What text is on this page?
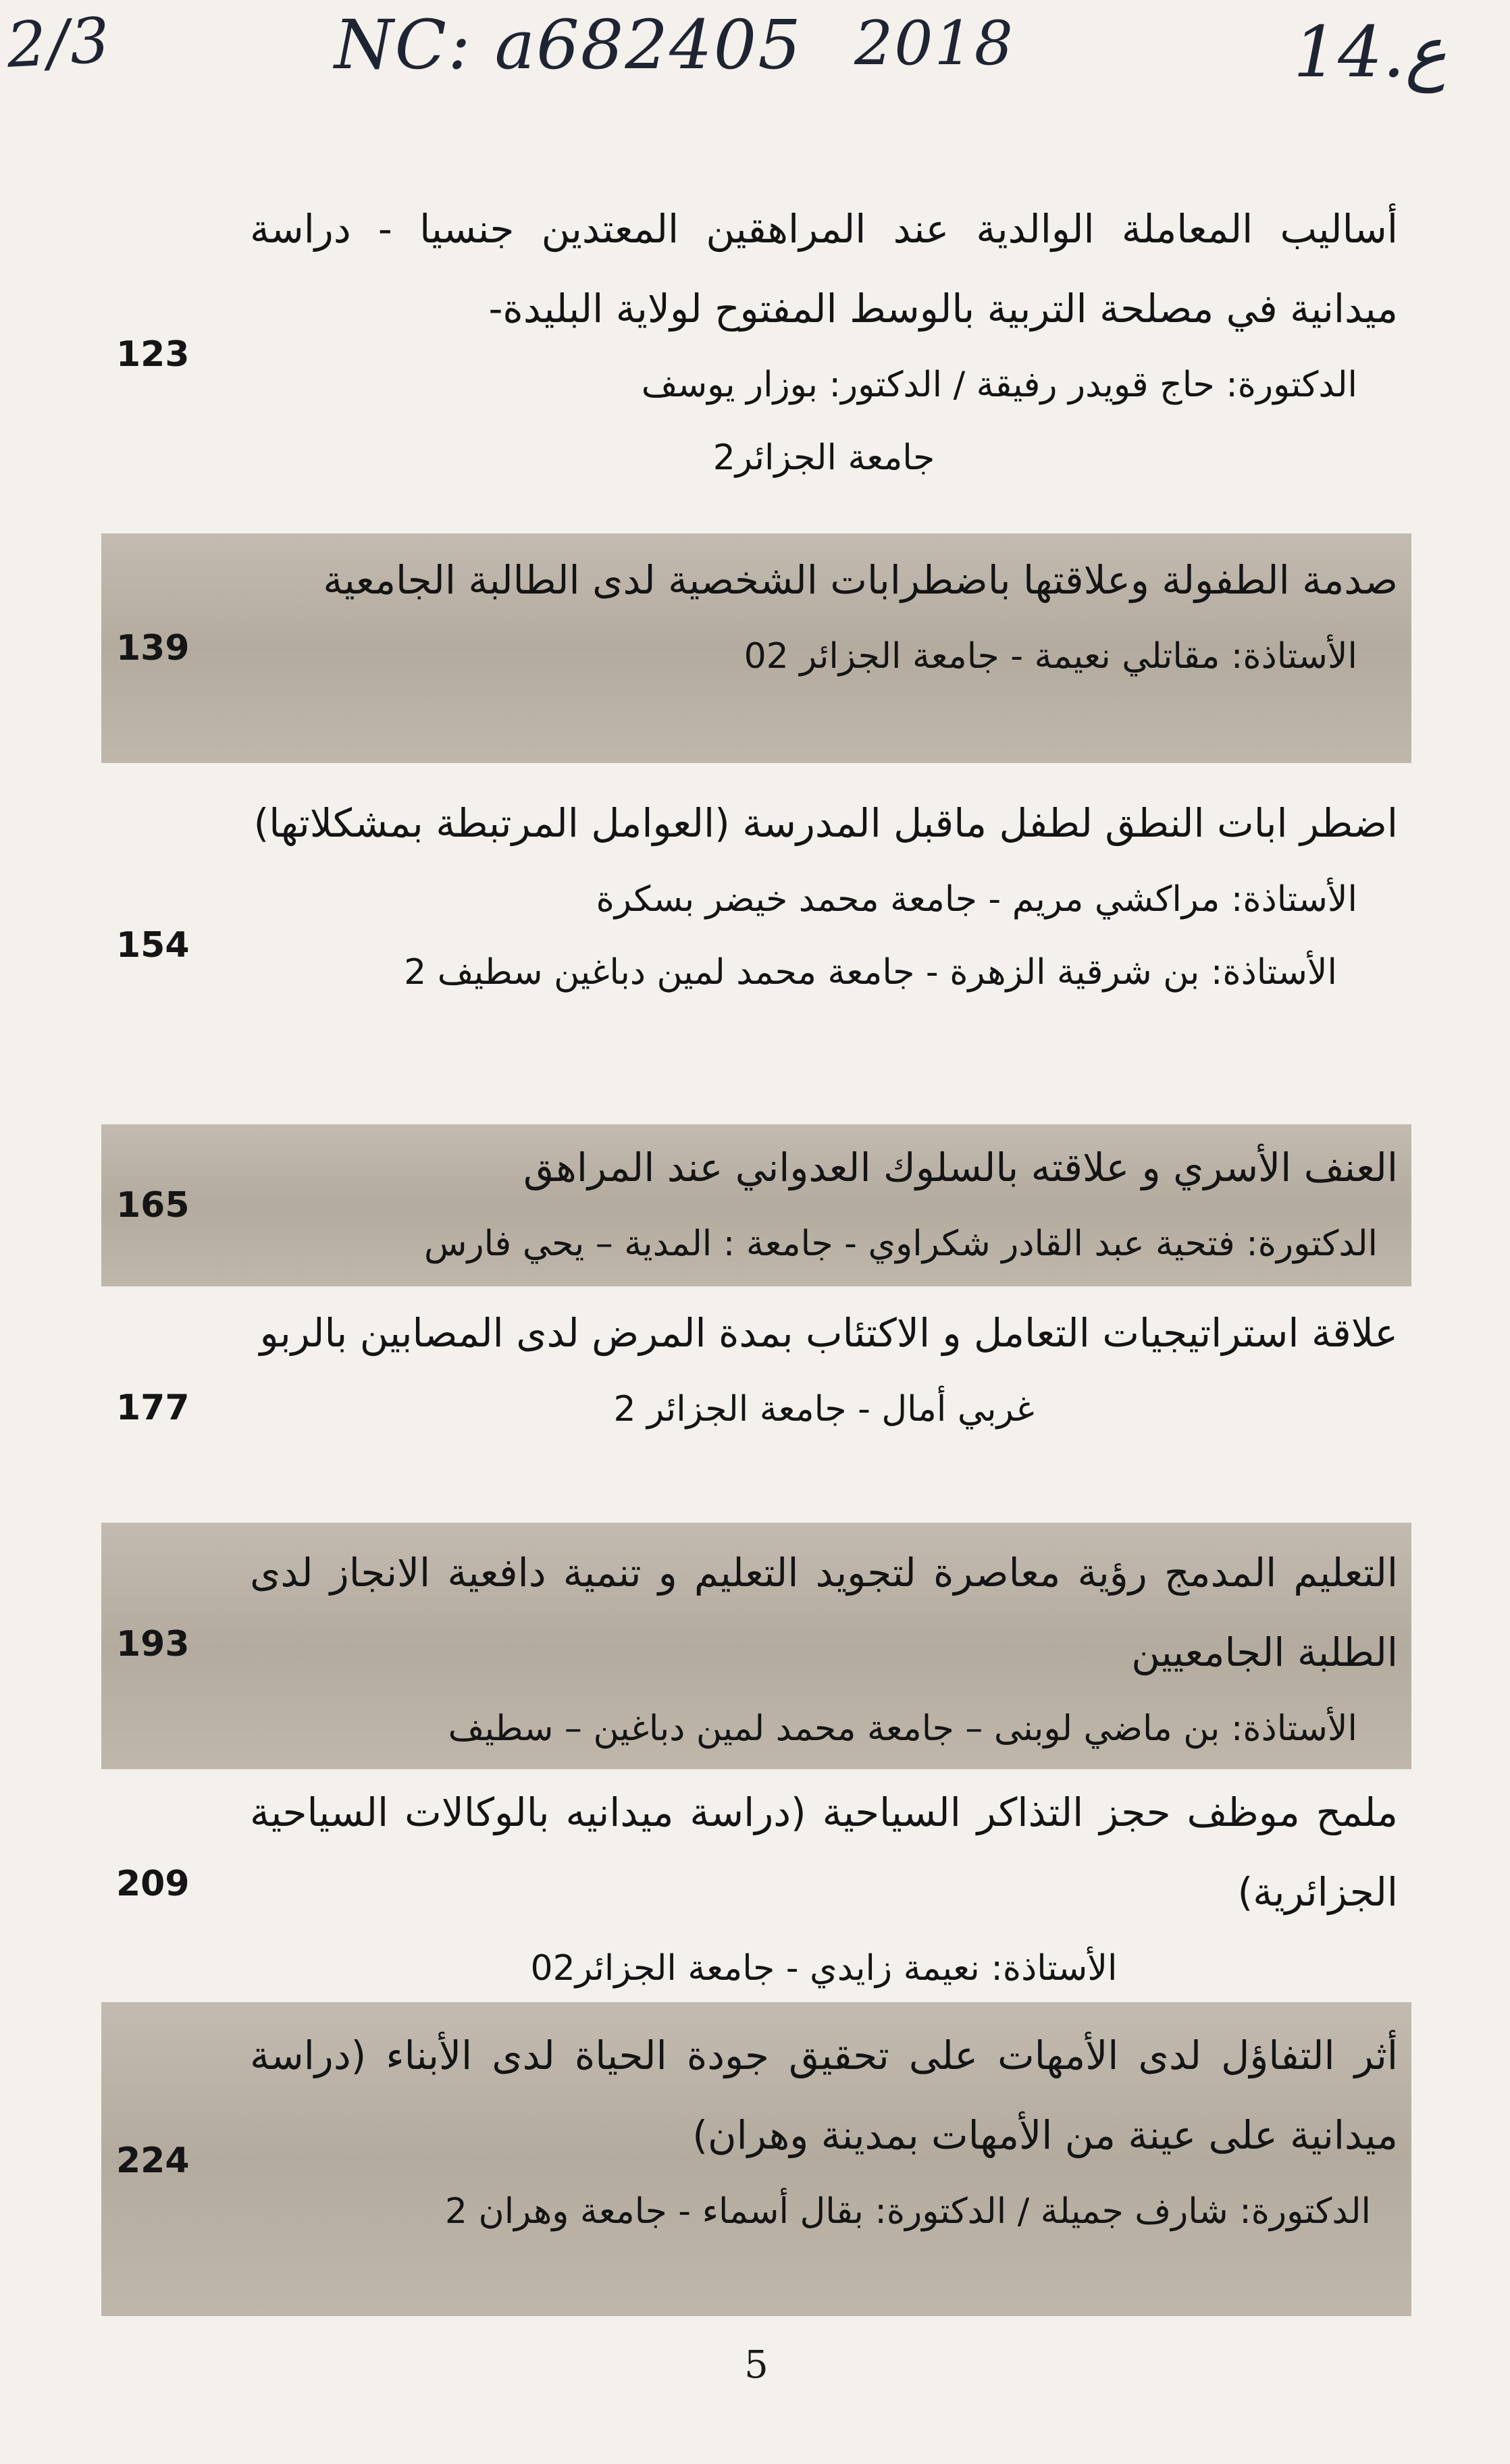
2/3	NC: a682405 2018	14.ع

أساليب المعاملة الوالدية عند المراهقين المعتدين جنسيا - دراسة ميدانية في مصلحة التربية بالوسط المفتوح لولاية البليدة-

الدكتورة: حاج قويدر رفيقة / الدكتور: بوزار يوسف

جامعة الجزائر2

123

صدمة الطفولة وعلاقتها باضطرابات الشخصية لدى الطالبة الجامعية

الأستاذة: مقاتلي نعيمة - جامعة الجزائر 02

139

اضطر ابات النطق لطفل ماقبل المدرسة (العوامل المرتبطة بمشكلاتها)

الأستاذة: مراكشي مريم - جامعة محمد خيضر بسكرة

الأستاذة: بن شرقية الزهرة - جامعة محمد لمين دباغين سطيف 2

154

العنف الأسري و علاقته بالسلوك العدواني عند المراهق

الدكتورة: فتحية عبد القادر شكراوي - جامعة : المدية – يحي فارس

165

علاقة استراتيجيات التعامل و الاكتئاب بمدة المرض لدى المصابين بالربو

غربي أمال - جامعة الجزائر 2

177

التعليم المدمج رؤية معاصرة لتجويد التعليم و تنمية دافعية الانجاز لدى الطلبة الجامعيين

الأستاذة: بن ماضي لوبنى – جامعة محمد لمين دباغين – سطيف

193

ملمح موظف حجز التذاكر السياحية (دراسة ميدانيه بالوكالات السياحية الجزائرية)

الأستاذة: نعيمة زايدي - جامعة الجزائر02

209

أثر التفاؤل لدى الأمهات على تحقيق جودة الحياة لدى الأبناء (دراسة ميدانية على عينة من الأمهات بمدينة وهران)

الدكتورة: شارف جميلة / الدكتورة: بقال أسماء - جامعة وهران 2

224
5
